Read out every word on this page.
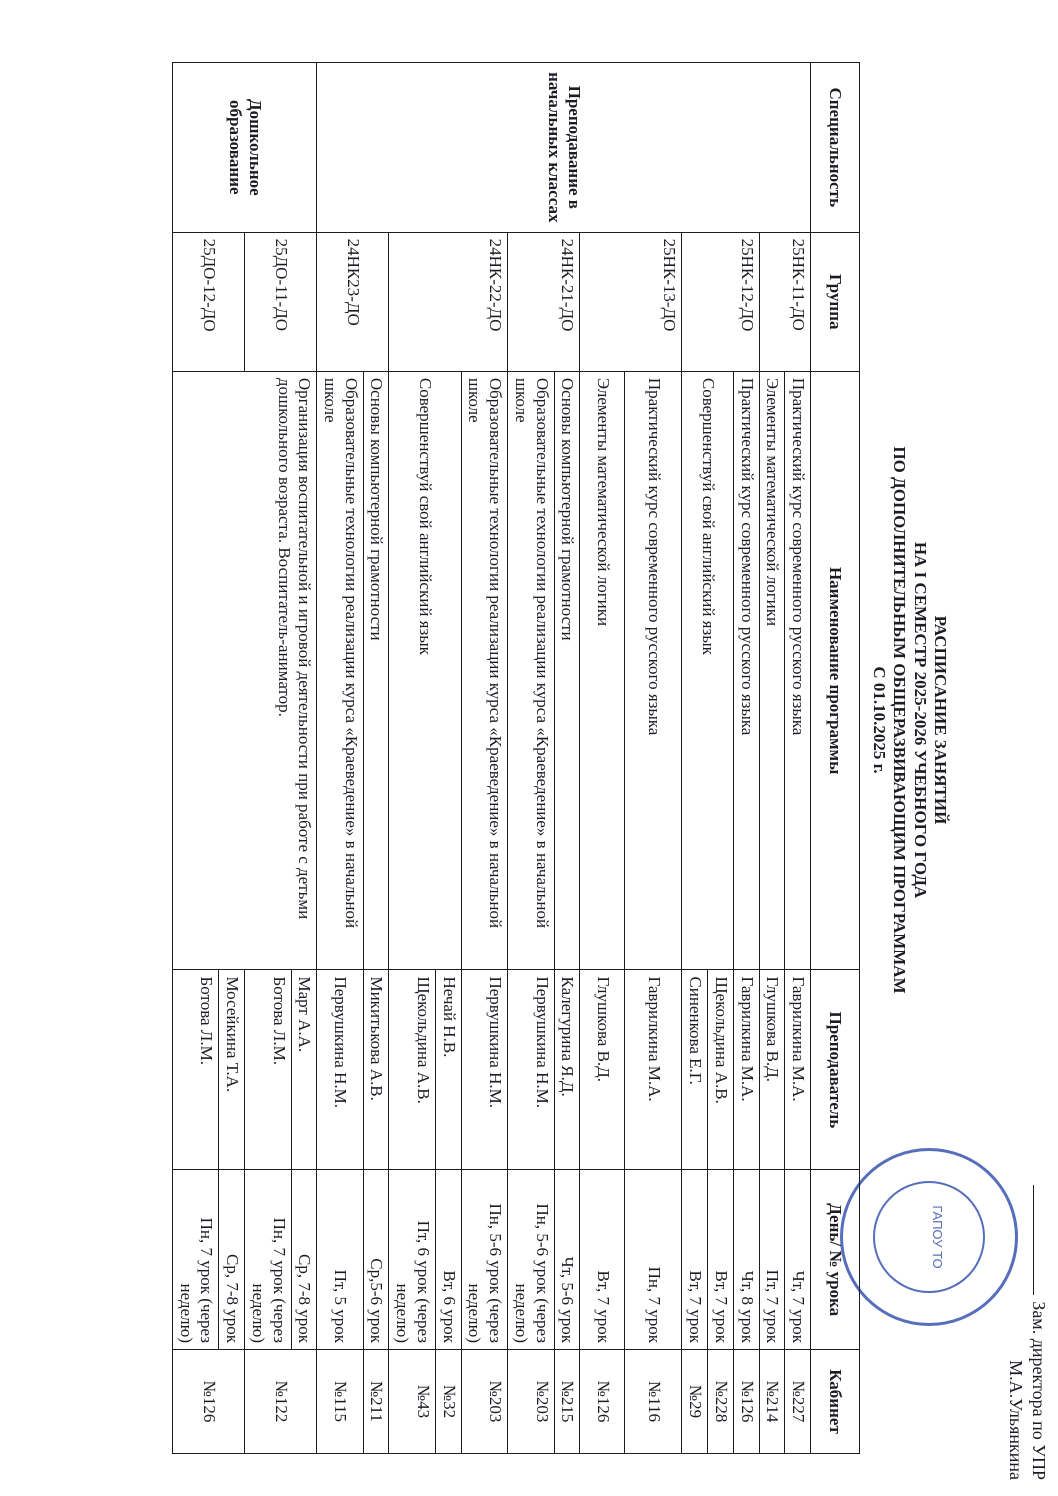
Зам. директора по УПР
М.А.Ульянкина
ГАПОУ ТО
РАСПИСАНИЕ ЗАНЯТИЙ
НА I СЕМЕСТР 2025-2026 УЧЕБНОГО ГОДА
ПО ДОПОЛНИТЕЛЬНЫМ ОБЩЕРАЗВИВАЮЩИМ ПРОГРАММАМ
С 01.10.2025 г.
Специальность	Группа	Наименование программы	Преподаватель	День/ № урока	Кабинет
Преподавание в начальных классах	25НК-11-ДО	Практический курс современного русского языка	Гаврилкина М.А.	Чт, 7 урок	№227
		Элементы математической логики	Глушкова В.Д.	Пт, 7 урок	№214
	25НК-12-ДО	Практический курс современного русского языка	Гаврилкина М.А.	Чт, 8 урок	№126
		Совершенствуй свой английский язык	Щекольдина А.В.	Вт, 7 урок	№228
			Синенкова Е.Г.	Вт, 7 урок	№29
	25НК-13-ДО	Практический курс современного русского языка	Гаврилкина М.А.	Пн, 7 урок	№116
		Элементы математической логики	Глушкова В.Д.	Вт, 7 урок	№126
	24НК-21-ДО	Основы компьютерной грамотности	Калегурина Я.Д.	Чт, 5-6 урок	№215
		Образовательные технологии реализации курса «Краеведение» в начальной школе	Первушкина Н.М.	Пн, 5-6 урок (через неделю)	№203
	24НК-22-ДО	Образовательные технологии реализации курса «Краеведение» в начальной школе	Первушкина Н.М.	Пн, 5-6 урок (через неделю)	№203
		Совершенствуй свой английский язык	Нечай Н.В.	Вт, 6 урок	№32
			Щекольдина А.В.	Пт, 6 урок (через неделю)	№43
	24НК23-ДО	Основы компьютерной грамотности	Микитькова А.В.	Ср,5-6 урок	№211
		Образовательные технологии реализации курса «Краеведение» в начальной школе	Первушкина Н.М.	Пт, 5 урок	№115
Дошкольное образование	25ДО-11-ДО	Организация воспитательной и игровой деятельности при работе с детьми дошкольного возраста. Воспитатель-аниматор.	Март А.А.	Ср, 7-8 урок	№122
			Ботова Л.М.	Пн, 7 урок (через неделю)	
	25ДО-12-ДО		Мосейкина Т.А.	Ср, 7-8 урок	№126
			Ботова Л.М.	Пн, 7 урок (через неделю)	
